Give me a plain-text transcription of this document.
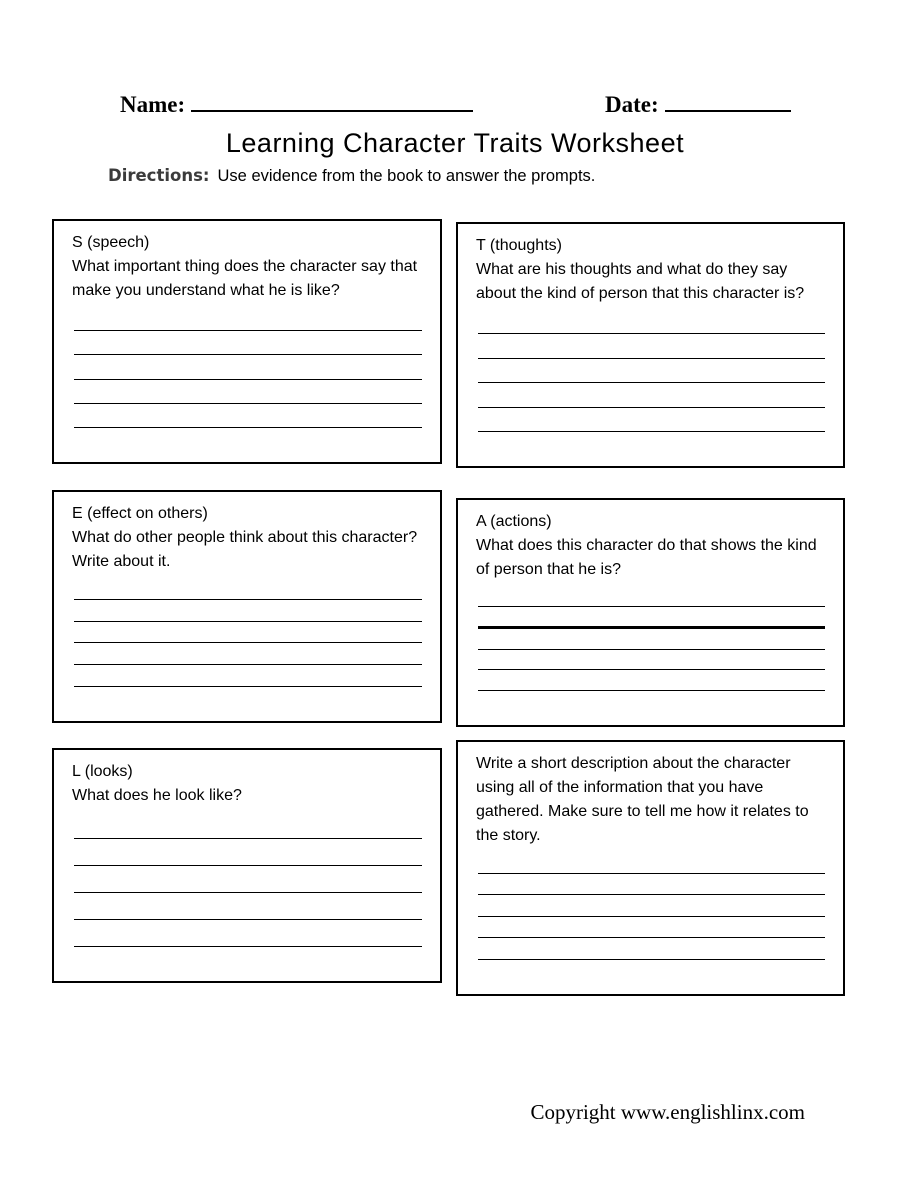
Name:	Date:
Learning Character Traits Worksheet
Directions: Use evidence from the book to answer the prompts.
S (speech)
What important thing does the character say that make you understand what he is like?
T (thoughts)
What are his thoughts and what do they say about the kind of person that this character is?
E (effect on others)
What do other people think about this character? Write about it.
A (actions)
What does this character do that shows the kind of person that he is?
L (looks)
What does he look like?
Write a short description about the character using all of the information that you have gathered. Make sure to tell me how it relates to the story.
Copyright www.englishlinx.com
